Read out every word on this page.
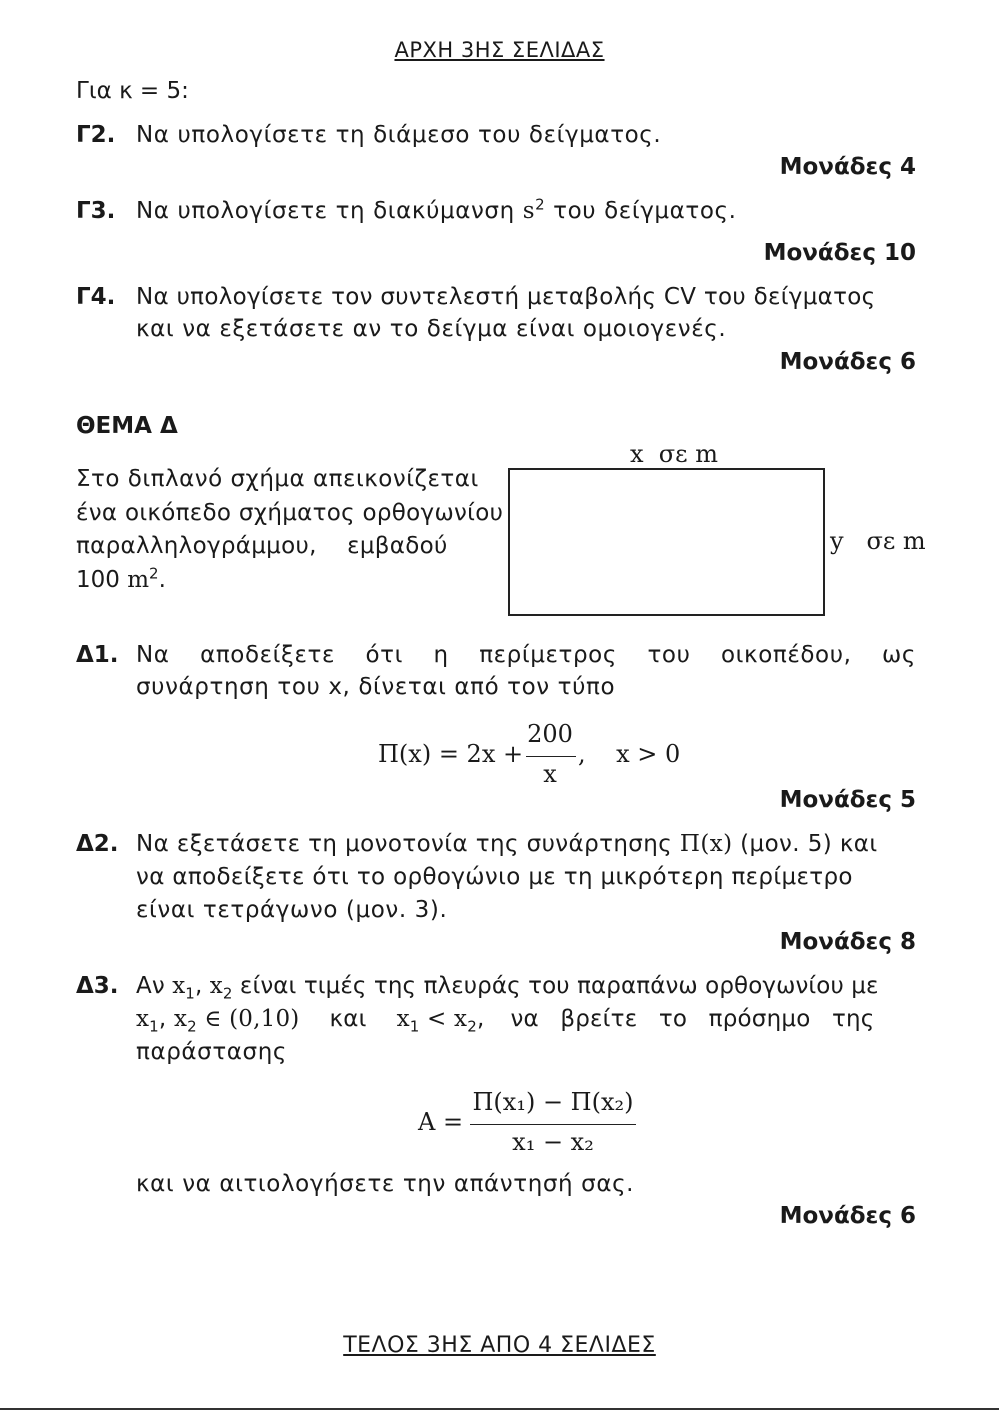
ΑΡΧΗ 3ΗΣ ΣΕΛΙΔΑΣ
Για κ = 5:
Γ2. Να υπολογίσετε τη διάμεσο του δείγματος.
Μονάδες 4
Γ3. Να υπολογίσετε τη διακύμανση $s^2$ του δείγματος.
Μονάδες 10
Γ4. Να υπολογίσετε τον συντελεστή μεταβολής CV του δείγματος
και να εξετάσετε αν το δείγμα είναι ομοιογενές.
Μονάδες 6
ΘΕΜΑ Δ
Στο διπλανό σχήμα απεικονίζεται
ένα οικόπεδο σχήματος ορθογωνίου
παραλληλογράμμου,    εμβαδού
100 $m^2$.
x  σε m
y   σε m
Δ1. Να αποδείξετε ότι η περίμετρος του οικοπέδου, ως
συνάρτηση του x, δίνεται από τον τύπο
Π(x) = 2x +
200
x
,    x > 0
Μονάδες 5
Δ2. Να εξετάσετε τη μονοτονία της συνάρτησης Π(x) (μον. 5) και
να αποδείξετε ότι το ορθογώνιο με τη μικρότερη περίμετρο
είναι τετράγωνο (μον. 3).
Μονάδες 8
Δ3. Αν $x_1$, $x_2$ είναι τιμές της πλευράς του παραπάνω ορθογωνίου με
$x_1$, $x_2$ ∈ (0,10) και $x_1 < x_2$, να βρείτε το πρόσημο της
παράστασης
A =
Π(x₁) − Π(x₂)
x₁ − x₂
και να αιτιολογήσετε την απάντησή σας.
Μονάδες 6
ΤΕΛΟΣ 3ΗΣ ΑΠΟ 4 ΣΕΛΙΔΕΣ
